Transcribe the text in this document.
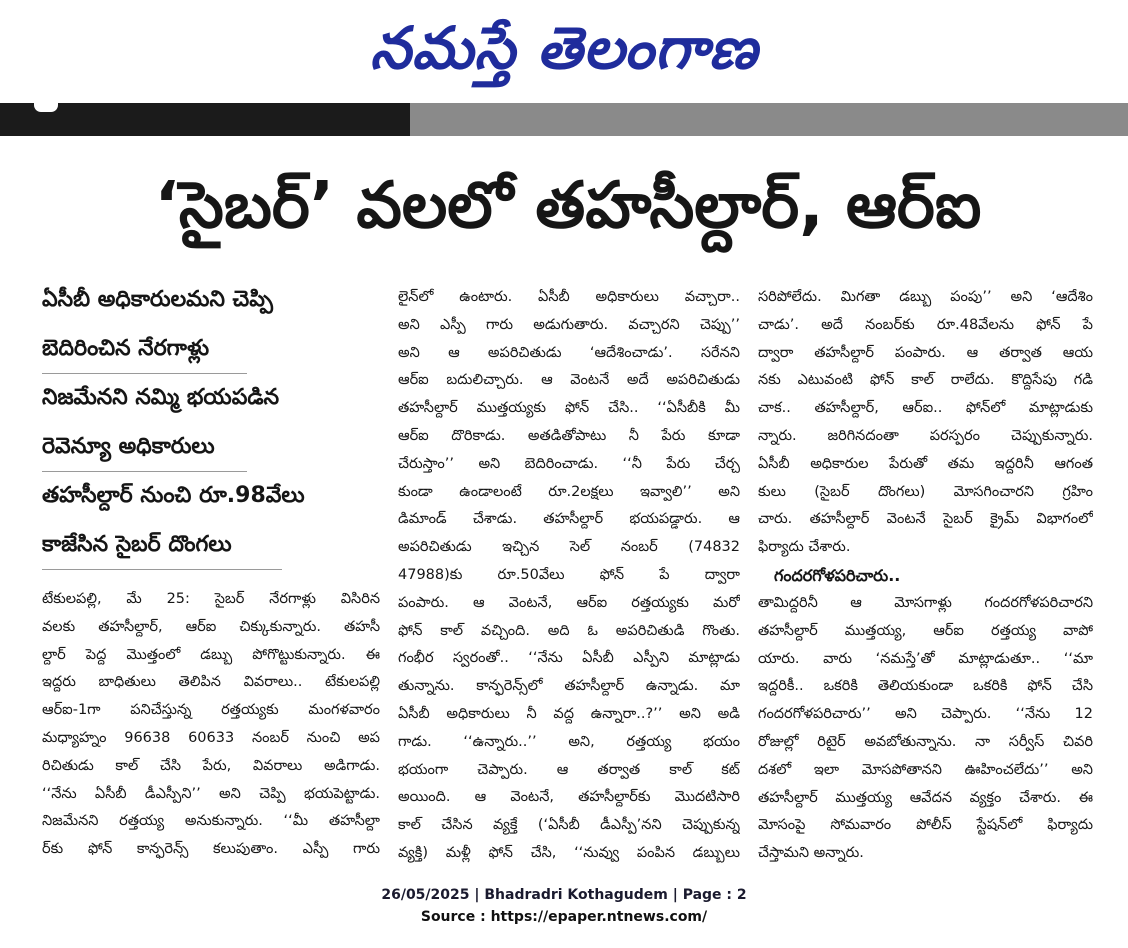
నమస్తే తెలంగాణ
‘సైబర్’ వలలో తహసీల్దార్, ఆర్ఐ
ఏసీబీ అధికారులమని చెప్పి
బెదిరించిన నేరగాళ్లు
నిజమేనని నమ్మి భయపడిన
రెవెన్యూ అధికారులు
తహసీల్దార్ నుంచి రూ.98వేలు
కాజేసిన సైబర్ దొంగలు
టేకులపల్లి, మే 25: సైబర్ నేరగాళ్లు విసిరిన
వలకు తహసీల్దార్, ఆర్ఐ చిక్కుకున్నారు. తహసీ
ల్దార్ పెద్ద మొత్తంలో డబ్బు పోగొట్టుకున్నారు. ఈ
ఇద్దరు బాధితులు తెలిపిన వివరాలు.. టేకులపల్లి
ఆర్ఐ-1గా పనిచేస్తున్న రత్తయ్యకు మంగళవారం
మధ్యాహ్నం 96638 60633 నంబర్ నుంచి అప
రిచితుడు కాల్ చేసి పేరు, వివరాలు అడిగాడు.
‘‘నేను ఏసీబీ డీఎస్పీని’’ అని చెప్పి భయపెట్టాడు.
నిజమేనని రత్తయ్య అనుకున్నారు. ‘‘మీ తహసీల్దా
ర్‌కు ఫోన్ కాన్ఫరెన్స్ కలుపుతాం. ఎస్పీ గారు
లైన్‌లో ఉంటారు. ఏసీబీ అధికారులు వచ్చారా..
అని ఎస్పీ గారు అడుగుతారు. వచ్చారని చెప్పు’’
అని ఆ అపరిచితుడు ‘ఆదేశించాడు’. సరేనని
ఆర్ఐ బదులిచ్చారు. ఆ వెంటనే అదే అపరిచితుడు
తహసీల్దార్ ముత్తయ్యకు ఫోన్ చేసి.. ‘‘ఏసీబీకి మీ
ఆర్ఐ దొరికాడు. అతడితోపాటు నీ పేరు కూడా
చేరుస్తాం’’ అని బెదిరించాడు. ‘‘నీ పేరు చేర్చ
కుండా ఉండాలంటే రూ.2లక్షలు ఇవ్వాలి’’ అని
డిమాండ్ చేశాడు. తహసీల్దార్ భయపడ్డారు. ఆ
అపరిచితుడు ఇచ్చిన సెల్ నంబర్ (74832
47988)కు రూ.50వేలు ఫోన్ పే ద్వారా
పంపారు. ఆ వెంటనే, ఆర్ఐ రత్తయ్యకు మరో
ఫోన్ కాల్ వచ్చింది. అది ఓ అపరిచితుడి గొంతు.
గంభీర స్వరంతో.. ‘‘నేను ఏసీబీ ఎస్పీని మాట్లాడు
తున్నాను. కాన్ఫరెన్స్‌లో తహసీల్దార్ ఉన్నాడు. మా
ఏసీబీ అధికారులు నీ వద్ద ఉన్నారా..?’’ అని అడి
గాడు. ‘‘ఉన్నారు..’’ అని, రత్తయ్య భయం
భయంగా చెప్పారు. ఆ తర్వాత కాల్ కట్
అయింది. ఆ వెంటనే, తహసీల్దార్‌కు మొదటిసారి
కాల్ చేసిన వ్యక్తే (‘ఏసీబీ డీఎస్పీ’నని చెప్పుకున్న
వ్యక్తి) మళ్లీ ఫోన్ చేసి, ‘‘నువ్వు పంపిన డబ్బులు
సరిపోలేదు. మిగతా డబ్బు పంపు’’ అని ‘ఆదేశిం
చాడు’. అదే నంబర్‌కు రూ.48వేలను ఫోన్ పే
ద్వారా తహసీల్దార్ పంపారు. ఆ తర్వాత ఆయ
నకు ఎటువంటి ఫోన్ కాల్ రాలేదు. కొద్దిసేపు గడి
చాక.. తహసీల్దార్, ఆర్ఐ.. ఫోన్‌లో మాట్లాడుకు
న్నారు. జరిగినదంతా పరస్పరం చెప్పుకున్నారు.
ఏసీబీ అధికారుల పేరుతో తమ ఇద్దరినీ ఆగంత
కులు (సైబర్ దొంగలు) మోసగించారని గ్రహిం
చారు. తహసీల్దార్ వెంటనే సైబర్ క్రైమ్ విభాగంలో
ఫిర్యాదు చేశారు.
గందరగోళపరిచారు..
తామిద్దరినీ ఆ మోసగాళ్లు గందరగోళపరిచారని
తహసీల్దార్ ముత్తయ్య, ఆర్ఐ రత్తయ్య వాపో
యారు. వారు ‘నమస్తే’తో మాట్లాడుతూ.. ‘‘మా
ఇద్దరికీ.. ఒకరికి తెలియకుండా ఒకరికి ఫోన్ చేసి
గందరగోళపరిచారు’’ అని చెప్పారు. ‘‘నేను 12
రోజుల్లో రిటైర్ అవబోతున్నాను. నా సర్వీస్ చివరి
దశలో ఇలా మోసపోతానని ఊహించలేదు’’ అని
తహసీల్దార్ ముత్తయ్య ఆవేదన వ్యక్తం చేశారు. ఈ
మోసంపై సోమవారం పోలీస్ స్టేషన్‌లో ఫిర్యాదు
చేస్తామని అన్నారు.
26/05/2025 | Bhadradri Kothagudem | Page : 2
Source : https://epaper.ntnews.com/
